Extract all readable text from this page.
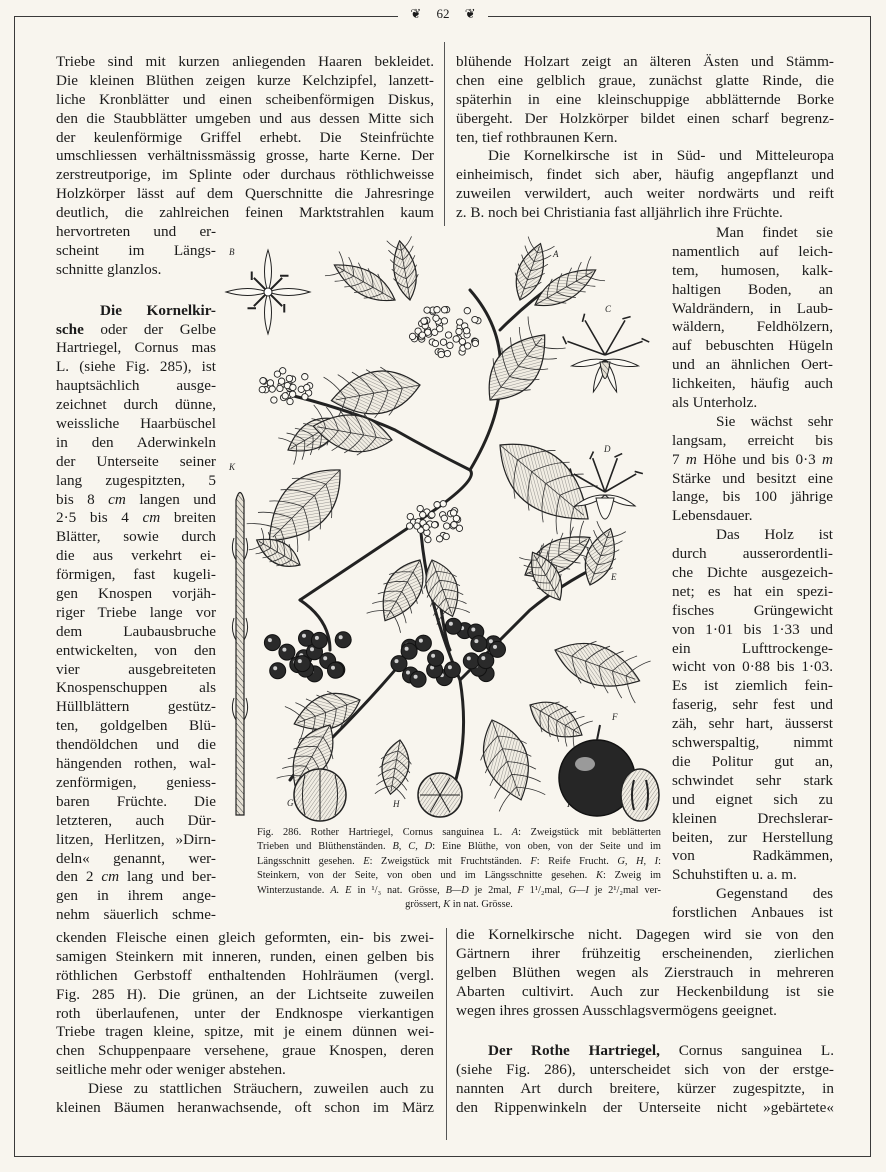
❦ 62 ❦
Triebe sind mit kurzen anliegenden Haaren bekleidet.
Die kleinen Blüthen zeigen kurze Kelchzipfel, lanzett-
liche Kronblätter und einen scheibenförmigen Diskus,
den die Staubblätter umgeben und aus dessen Mitte sich
der keulenförmige Griffel erhebt. Die Steinfrüchte
umschliessen verhältnissmässig grosse, harte Kerne. Der
zerstreutporige, im Splinte oder durchaus röthlichweisse
Holzkörper lässt auf dem Querschnitte die Jahresringe
deutlich, die zahlreichen feinen Marktstrahlen kaum
hervortreten und er-
scheint im Längs-
schnitte glanzlos.
Die Kornelkir-
sche oder der Gelbe
Hartriegel, Cornus mas
L. (siehe Fig. 285), ist
hauptsächlich ausge-
zeichnet durch dünne,
weissliche Haarbüschel
in den Aderwinkeln
der Unterseite seiner
lang zugespitzten, 5
bis 8 cm langen und
2·5 bis 4 cm breiten
Blätter, sowie durch
die aus verkehrt ei-
förmigen, fast kugeli-
gen Knospen vorjäh-
riger Triebe lange vor
dem Laubausbruche
entwickelten, von den
vier ausgebreiteten
Knospenschuppen als
Hüllblättern gestütz-
ten, goldgelben Blü-
thendöldchen und die
hängenden rothen, wal-
zenförmigen, geniess-
baren Früchte. Die
letzteren, auch Dür-
litzen, Herlitzen, »Dirn-
deln« genannt, wer-
den 2 cm lang und ber-
gen in ihrem ange-
nehm säuerlich schme-
ckenden Fleische einen gleich geformten, ein- bis zwei-
samigen Steinkern mit inneren, runden, einen gelben bis
röthlichen Gerbstoff enthaltenden Hohlräumen (vergl.
Fig. 285 H). Die grünen, an der Lichtseite zuweilen
roth überlaufenen, unter der Endknospe vierkantigen
Triebe tragen kleine, spitze, mit je einem dünnen wei-
chen Schuppenpaare versehene, graue Knospen, deren
seitliche mehr oder weniger abstehen.
Diese zu stattlichen Sträuchern, zuweilen auch zu
kleinen Bäumen heranwachsende, oft schon im März
blühende Holzart zeigt an älteren Ästen und Stämm-
chen eine gelblich graue, zunächst glatte Rinde, die
späterhin in eine kleinschuppige abblätternde Borke
übergeht. Der Holzkörper bildet einen scharf begrenz-
ten, tief rothbraunen Kern.
Die Kornelkirsche ist in Süd- und Mitteleuropa
einheimisch, findet sich aber, häufig angepflanzt und
zuweilen verwildert, auch weiter nordwärts und reift
z. B. noch bei Christiania fast alljährlich ihre Früchte.
Man findet sie
namentlich auf leich-
tem, humosen, kalk-
haltigen Boden, an
Waldrändern, in Laub-
wäldern, Feldhölzern,
auf bebuschten Hügeln
und an ähnlichen Oert-
lichkeiten, häufig auch
als Unterholz.
Sie wächst sehr
langsam, erreicht bis
7 m Höhe und bis 0·3 m
Stärke und besitzt eine
lange, bis 100 jährige
Lebensdauer.
Das Holz ist
durch ausserordentli-
che Dichte ausgezeich-
net; es hat ein spezi-
fisches Grüngewicht
von 1·01 bis 1·33 und
ein Lufttrockenge-
wicht von 0·88 bis 1·03.
Es ist ziemlich fein-
faserig, sehr fest und
zäh, sehr hart, äusserst
schwerspaltig, nimmt
die Politur gut an,
schwindet sehr stark
und eignet sich zu
kleinen Drechslerar-
beiten, zur Herstellung
von Radkämmen,
Schuhstiften u. a. m.
Gegenstand des
forstlichen Anbaues ist
die Kornelkirsche nicht. Dagegen wird sie von den
Gärtnern ihrer frühzeitig erscheinenden, zierlichen
gelben Blüthen wegen als Zierstrauch in mehreren
Abarten cultivirt. Auch zur Heckenbildung ist sie
wegen ihres grossen Ausschlagsvermögens geeignet.
Der Rothe Hartriegel, Cornus sanguinea L.
(siehe Fig. 286), unterscheidet sich von der erstge-
nannten Art durch breitere, kürzer zugespitzte, in
den Rippenwinkeln der Unterseite nicht »gebärtete«
Fig. 286. Rother Hartriegel, Cornus sanguinea L. A: Zweigstück mit beblätterten
Trieben und Blüthenständen. B, C, D: Eine Blüthe, von oben, von der Seite und im
Längsschnitt gesehen. E: Zweigstück mit Fruchtständen. F: Reife Frucht. G, H, I:
Steinkern, von der Seite, von oben und im Längsschnitte gesehen. K: Zweig im
Winterzustande. A. E in ¹/₃ nat. Grösse, B—D je 2mal, F 1¹/₂mal, G—I je 2¹/₂mal ver-
grössert, K in nat. Grösse.
A
B
C
D
E
F
G	H	I
K
